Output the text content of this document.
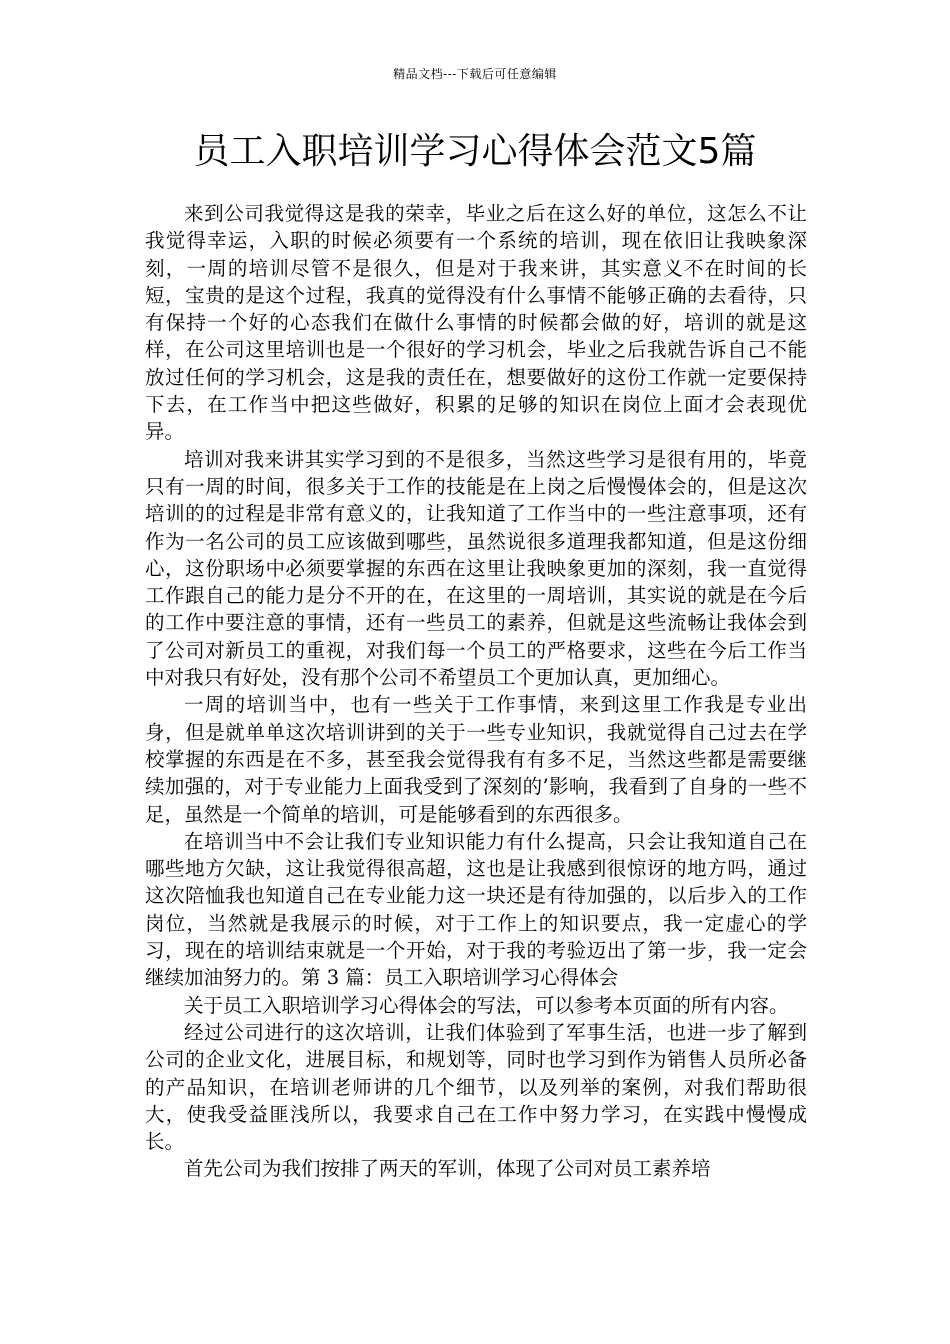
精品文档---下载后可任意编辑
员工入职培训学习心得体会范文5篇

来到公司我觉得这是我的荣幸，毕业之后在这么好的单位，这怎么不让我觉得幸运，入职的时候必须要有一个系统的培训，现在依旧让我映象深刻，一周的培训尽管不是很久，但是对于我来讲，其实意义不在时间的长短，宝贵的是这个过程，我真的觉得没有什么事情不能够正确的去看待，只有保持一个好的心态我们在做什么事情的时候都会做的好，培训的就是这样，在公司这里培训也是一个很好的学习机会，毕业之后我就告诉自己不能放过任何的学习机会，这是我的责任在，想要做好的这份工作就一定要保持下去，在工作当中把这些做好，积累的足够的知识在岗位上面才会表现优异。

培训对我来讲其实学习到的不是很多，当然这些学习是很有用的，毕竟只有一周的时间，很多关于工作的技能是在上岗之后慢慢体会的，但是这次培训的的过程是非常有意义的，让我知道了工作当中的一些注意事项，还有作为一名公司的员工应该做到哪些，虽然说很多道理我都知道，但是这份细心，这份职场中必须要掌握的东西在这里让我映象更加的深刻，我一直觉得工作跟自己的能力是分不开的在，在这里的一周培训，其实说的就是在今后的工作中要注意的事情，还有一些员工的素养，但就是这些流畅让我体会到了公司对新员工的重视，对我们每一个员工的严格要求，这些在今后工作当中对我只有好处，没有那个公司不希望员工个更加认真，更加细心。

一周的培训当中，也有一些关于工作事情，来到这里工作我是专业出身，但是就单单这次培训讲到的关于一些专业知识，我就觉得自己过去在学校掌握的东西是在不多，甚至我会觉得我有有多不足，当然这些都是需要继续加强的，对于专业能力上面我受到了深刻的’影响，我看到了自身的一些不足，虽然是一个简单的培训，可是能够看到的东西很多。

在培训当中不会让我们专业知识能力有什么提高，只会让我知道自己在哪些地方欠缺，这让我觉得很高超，这也是让我感到很惊讶的地方吗，通过这次陪恤我也知道自己在专业能力这一块还是有待加强的，以后步入的工作岗位，当然就是我展示的时候，对于工作上的知识要点，我一定虚心的学习，现在的培训结束就是一个开始，对于我的考验迈出了第一步，我一定会继续加油努力的。第 3 篇：员工入职培训学习心得体会

关于员工入职培训学习心得体会的写法，可以参考本页面的所有内容。

经过公司进行的这次培训，让我们体验到了军事生活，也进一步了解到公司的企业文化，进展目标，和规划等，同时也学习到作为销售人员所必备的产品知识，在培训老师讲的几个细节，以及列举的案例，对我们帮助很大，使我受益匪浅所以，我要求自己在工作中努力学习，在实践中慢慢成长。

首先公司为我们按排了两天的军训，体现了公司对员工素养培
